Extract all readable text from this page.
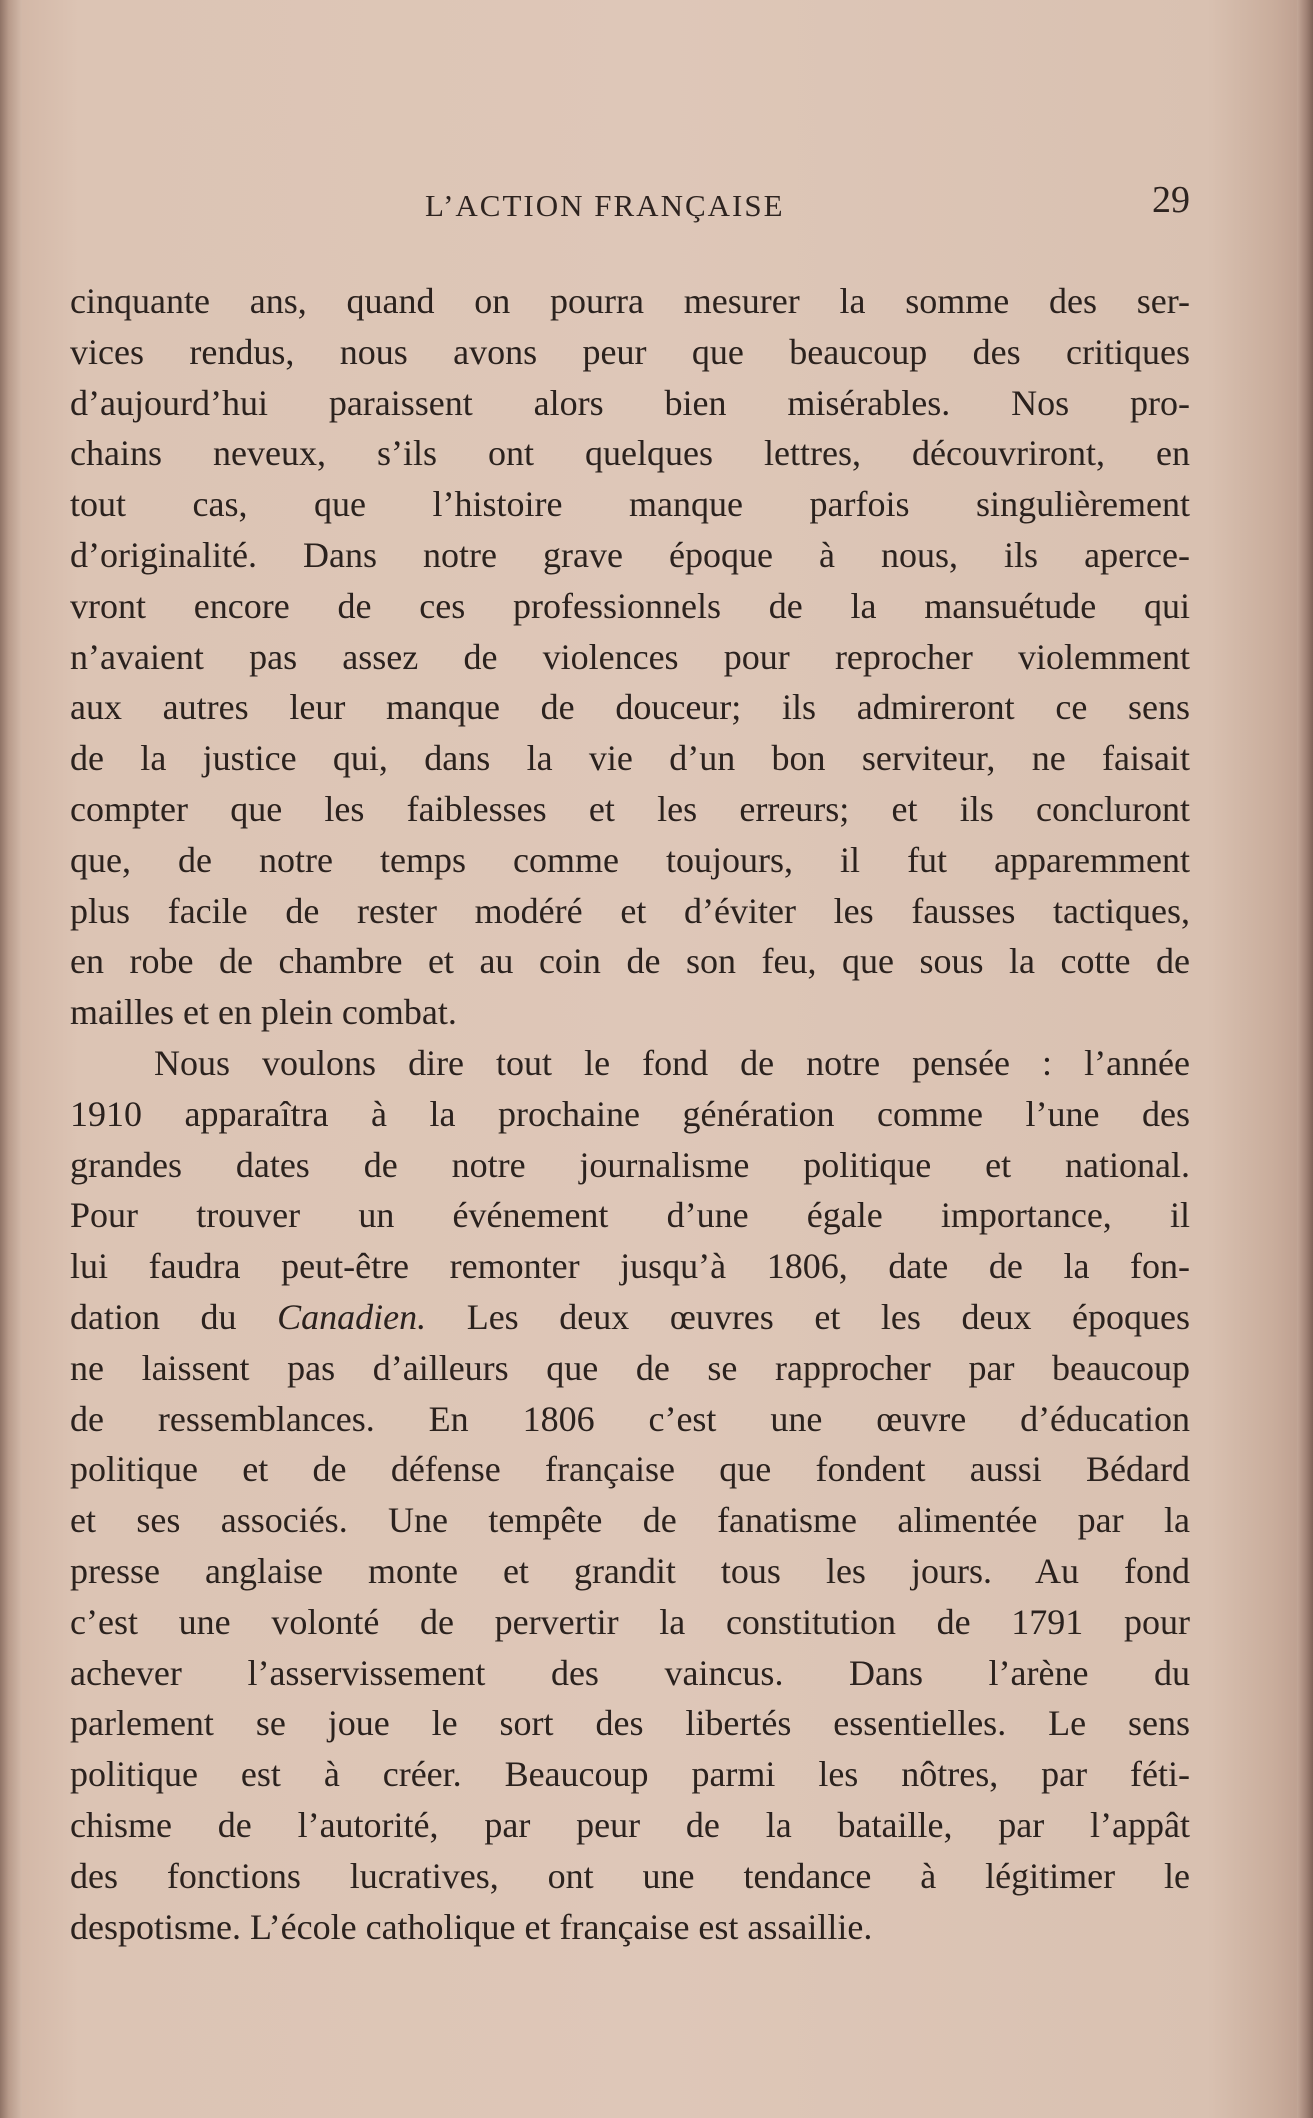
L’ACTION FRANÇAISE	29
cinquante ans, quand on pourra mesurer la somme des ser-
vices rendus, nous avons peur que beaucoup des critiques
d’aujourd’hui paraissent alors bien misérables. Nos pro-
chains neveux, s’ils ont quelques lettres, découvriront, en
tout cas, que l’histoire manque parfois singulièrement
d’originalité. Dans notre grave époque à nous, ils aperce-
vront encore de ces professionnels de la mansuétude qui
n’avaient pas assez de violences pour reprocher violemment
aux autres leur manque de douceur; ils admireront ce sens
de la justice qui, dans la vie d’un bon serviteur, ne faisait
compter que les faiblesses et les erreurs; et ils concluront
que, de notre temps comme toujours, il fut apparemment
plus facile de rester modéré et d’éviter les fausses tactiques,
en robe de chambre et au coin de son feu, que sous la cotte de
mailles et en plein combat.
Nous voulons dire tout le fond de notre pensée : l’année
1910 apparaîtra à la prochaine génération comme l’une des
grandes dates de notre journalisme politique et national.
Pour trouver un événement d’une égale importance, il
lui faudra peut-être remonter jusqu’à 1806, date de la fon-
dation du Canadien. Les deux œuvres et les deux époques
ne laissent pas d’ailleurs que de se rapprocher par beaucoup
de ressemblances. En 1806 c’est une œuvre d’éducation
politique et de défense française que fondent aussi Bédard
et ses associés. Une tempête de fanatisme alimentée par la
presse anglaise monte et grandit tous les jours. Au fond
c’est une volonté de pervertir la constitution de 1791 pour
achever l’asservissement des vaincus. Dans l’arène du
parlement se joue le sort des libertés essentielles. Le sens
politique est à créer. Beaucoup parmi les nôtres, par féti-
chisme de l’autorité, par peur de la bataille, par l’appât
des fonctions lucratives, ont une tendance à légitimer le
despotisme. L’école catholique et française est assaillie.
